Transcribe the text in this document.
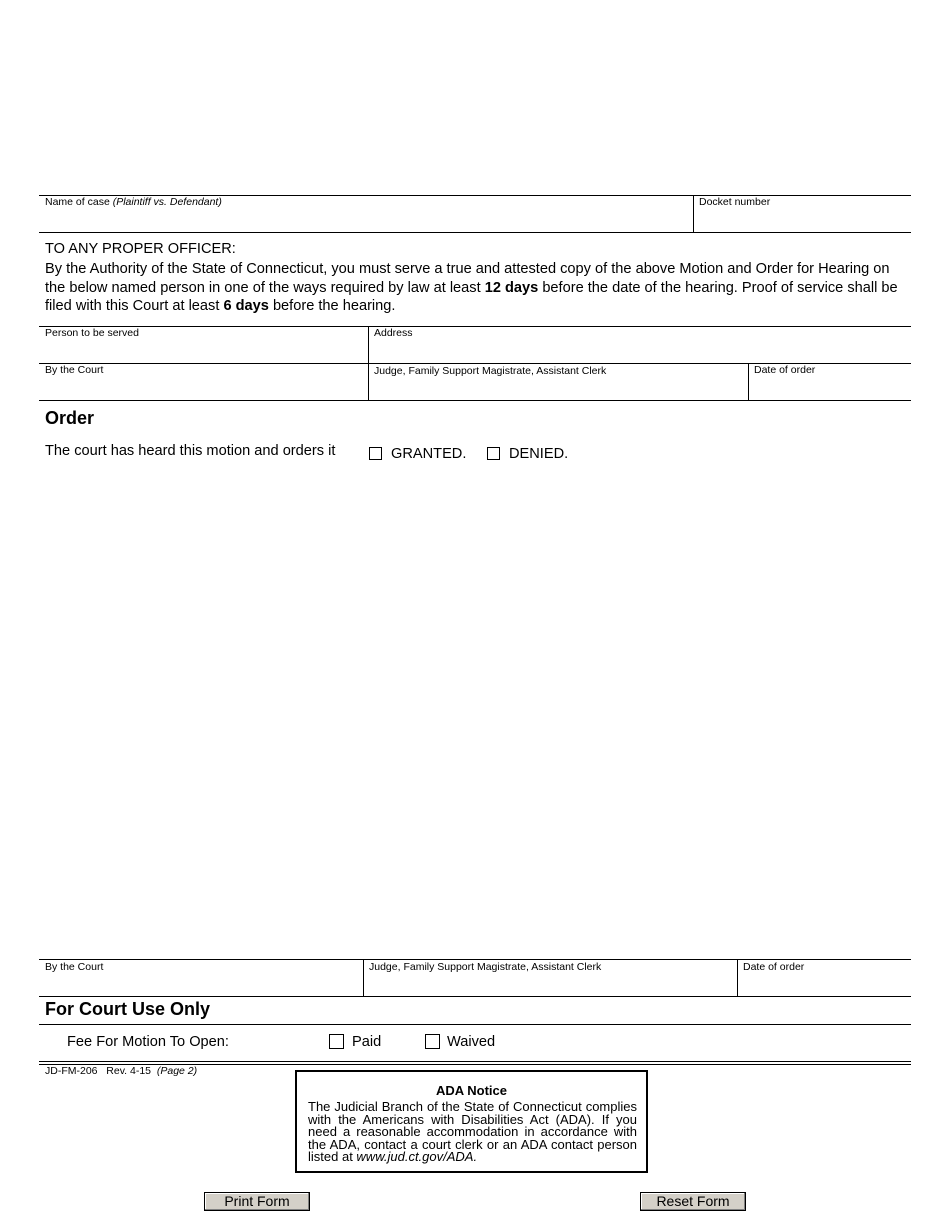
Name of case (Plaintiff vs. Defendant)	Docket number
TO ANY PROPER OFFICER:
By the Authority of the State of Connecticut, you must serve a true and attested copy of the above Motion and Order for Hearing on the below named person in one of the ways required by law at least 12 days before the date of the hearing. Proof of service shall be filed with this Court at least 6 days before the hearing.
Person to be served	Address
By the Court	Judge, Family Support Magistrate, Assistant Clerk	Date of order
Order
The court has heard this motion and orders it	GRANTED.	DENIED.
By the Court	Judge, Family Support Magistrate, Assistant Clerk	Date of order
For Court Use Only
Fee For Motion To Open:	Paid	Waived
JD-FM-206 Rev. 4-15 (Page 2)
ADA Notice
The Judicial Branch of the State of Connecticut complies with the Americans with Disabilities Act (ADA). If you need a reasonable accommodation in accordance with the ADA, contact a court clerk or an ADA contact person listed at www.jud.ct.gov/ADA.
Print Form	Reset Form
